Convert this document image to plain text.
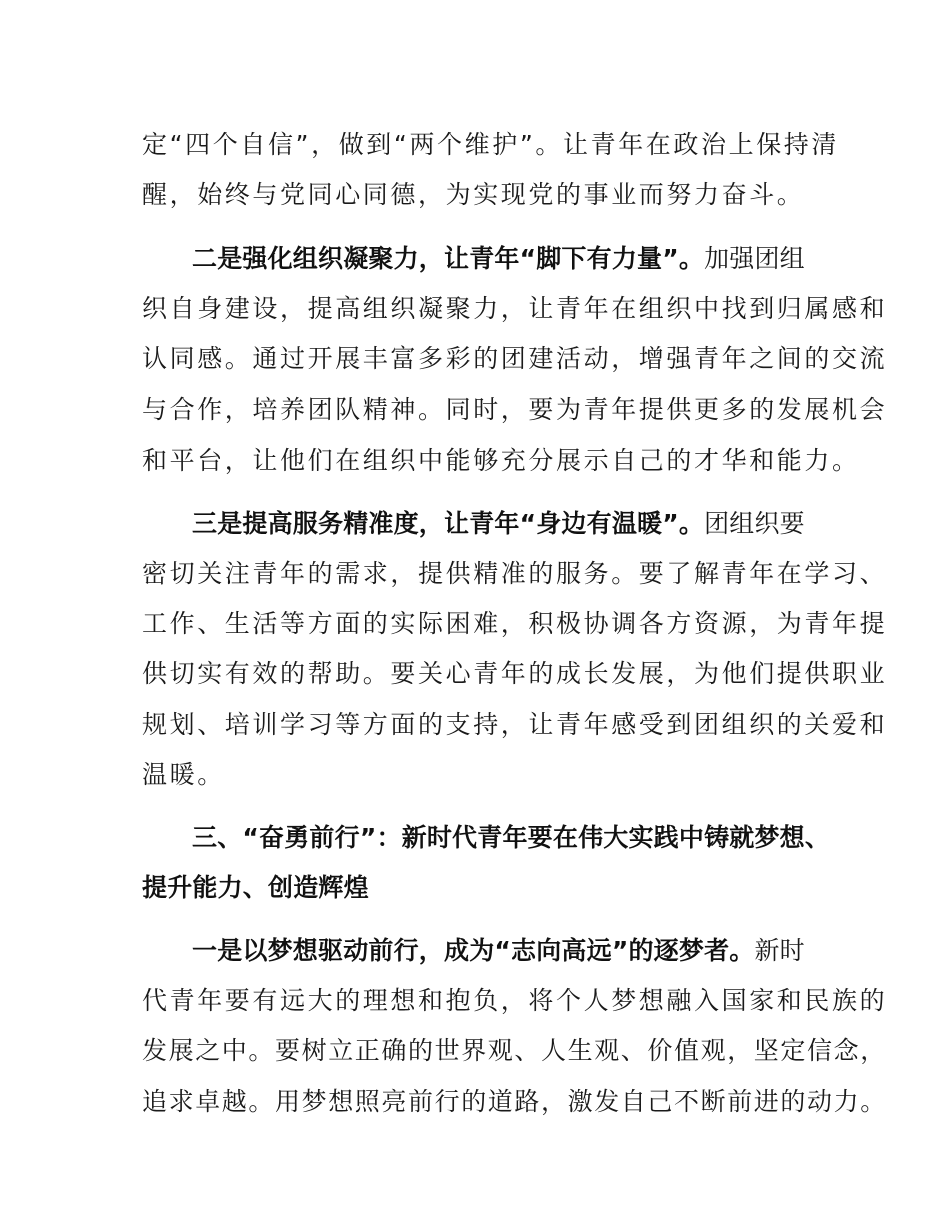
定“四个自信”，做到“两个维护”。让青年在政治上保持清
醒，始终与党同心同德，为实现党的事业而努力奋斗。
二是强化组织凝聚力，让青年“脚下有力量”。加强团组
织自身建设，提高组织凝聚力，让青年在组织中找到归属感和
认同感。通过开展丰富多彩的团建活动，增强青年之间的交流
与合作，培养团队精神。同时，要为青年提供更多的发展机会
和平台，让他们在组织中能够充分展示自己的才华和能力。
三是提高服务精准度，让青年“身边有温暖”。团组织要
密切关注青年的需求，提供精准的服务。要了解青年在学习、
工作、生活等方面的实际困难，积极协调各方资源，为青年提
供切实有效的帮助。要关心青年的成长发展，为他们提供职业
规划、培训学习等方面的支持，让青年感受到团组织的关爱和
温暖。
三、“奋勇前行”：新时代青年要在伟大实践中铸就梦想、
提升能力、创造辉煌
一是以梦想驱动前行，成为“志向高远”的逐梦者。新时
代青年要有远大的理想和抱负，将个人梦想融入国家和民族的
发展之中。要树立正确的世界观、人生观、价值观，坚定信念，
追求卓越。用梦想照亮前行的道路，激发自己不断前进的动力。
